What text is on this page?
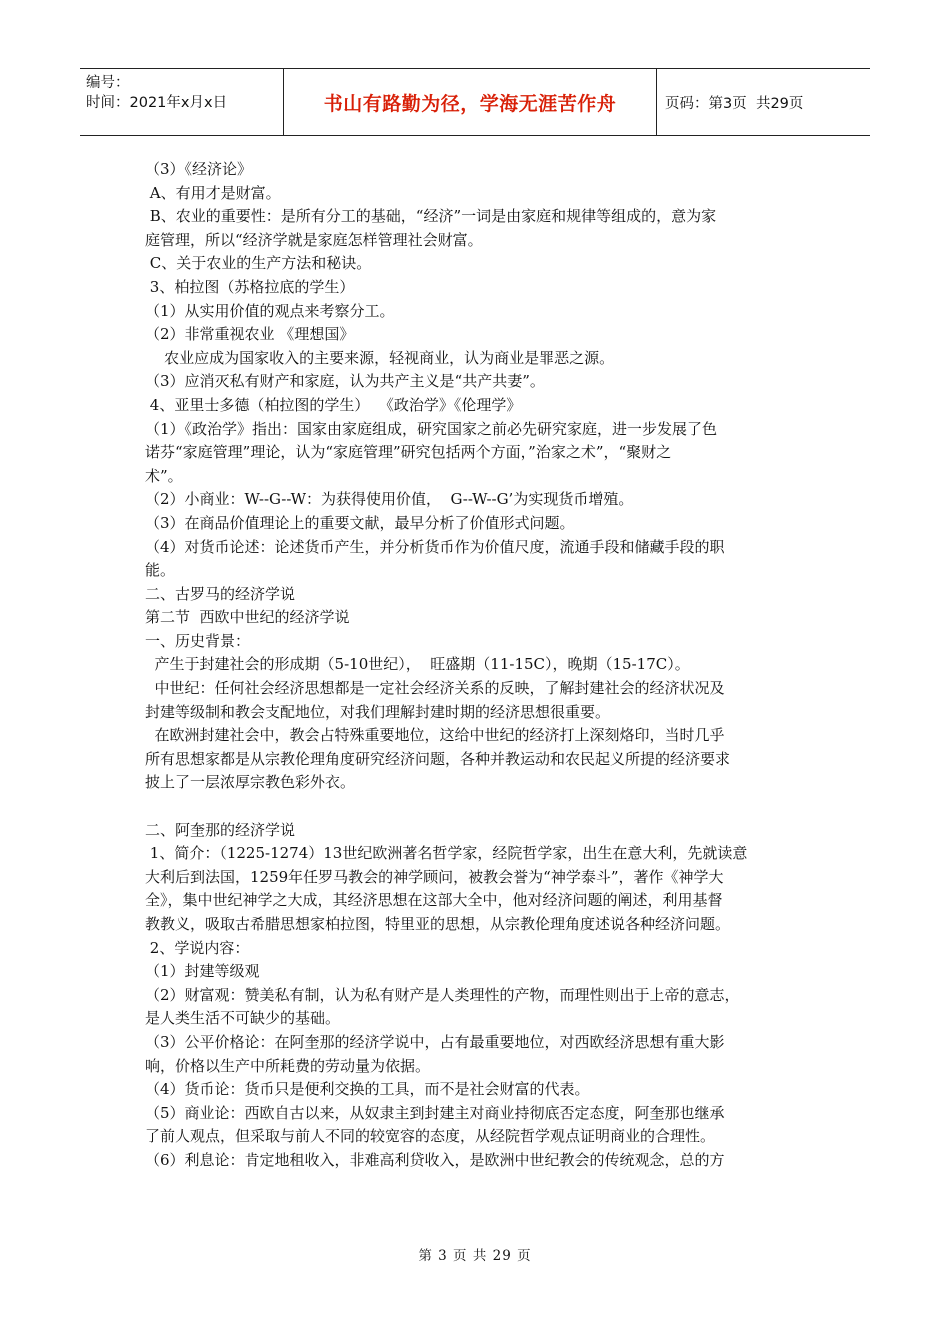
编号：
时间：2021年x月x日	书山有路勤为径，学海无涯苦作舟	页码：第3页  共29页

（3）《经济论》

A、有用才是财富。

B、农业的重要性：是所有分工的基础，“经济”一词是由家庭和规律等组成的，意为家

庭管理，所以“经济学就是家庭怎样管理社会财富。

C、关于农业的生产方法和秘诀。

3、柏拉图（苏格拉底的学生）

（1）从实用价值的观点来考察分工。

（2）非常重视农业 《理想国》

农业应成为国家收入的主要来源，轻视商业，认为商业是罪恶之源。

（3）应消灭私有财产和家庭，认为共产主义是“共产共妻”。

4、亚里士多德（柏拉图的学生）  《政治学》《伦理学》

（1）《政治学》指出：国家由家庭组成，研究国家之前必先研究家庭，进一步发展了色

诺芬“家庭管理”理论，认为“家庭管理”研究包括两个方面，”治家之术”，“聚财之

术”。

（2）小商业：W--G--W：为获得使用价值，  G--W--G’为实现货币增殖。

（3）在商品价值理论上的重要文献，最早分析了价值形式问题。

（4）对货币论述：论述货币产生，并分析货币作为价值尺度，流通手段和储藏手段的职

能。

二、古罗马的经济学说

第二节  西欧中世纪的经济学说

一、历史背景：

产生于封建社会的形成期（5-10世纪），  旺盛期（11-15C），晚期（15-17C）。

中世纪：任何社会经济思想都是一定社会经济关系的反映，了解封建社会的经济状况及

封建等级制和教会支配地位，对我们理解封建时期的经济思想很重要。

在欧洲封建社会中，教会占特殊重要地位，这给中世纪的经济打上深刻烙印，当时几乎

所有思想家都是从宗教伦理角度研究经济问题，各种并教运动和农民起义所提的经济要求

披上了一层浓厚宗教色彩外衣。

二、阿奎那的经济学说

1、简介：（1225-1274）13世纪欧洲著名哲学家，经院哲学家，出生在意大利，先就读意

大利后到法国，1259年任罗马教会的神学顾问，被教会誉为“神学泰斗”，著作《神学大

全》，集中世纪神学之大成，其经济思想在这部大全中，他对经济问题的阐述，利用基督

教教义，吸取古希腊思想家柏拉图，特里亚的思想，从宗教伦理角度述说各种经济问题。

2、学说内容：

（1）封建等级观

（2）财富观：赞美私有制，认为私有财产是人类理性的产物，而理性则出于上帝的意志，

是人类生活不可缺少的基础。

（3）公平价格论：在阿奎那的经济学说中，占有最重要地位，对西欧经济思想有重大影

响，价格以生产中所耗费的劳动量为依据。

（4）货币论：货币只是便利交换的工具，而不是社会财富的代表。

（5）商业论：西欧自古以来，从奴隶主到封建主对商业持彻底否定态度，阿奎那也继承

了前人观点，但采取与前人不同的较宽容的态度，从经院哲学观点证明商业的合理性。

（6）利息论：肯定地租收入，非难高利贷收入，是欧洲中世纪教会的传统观念，总的方

第 3 页 共 29 页
